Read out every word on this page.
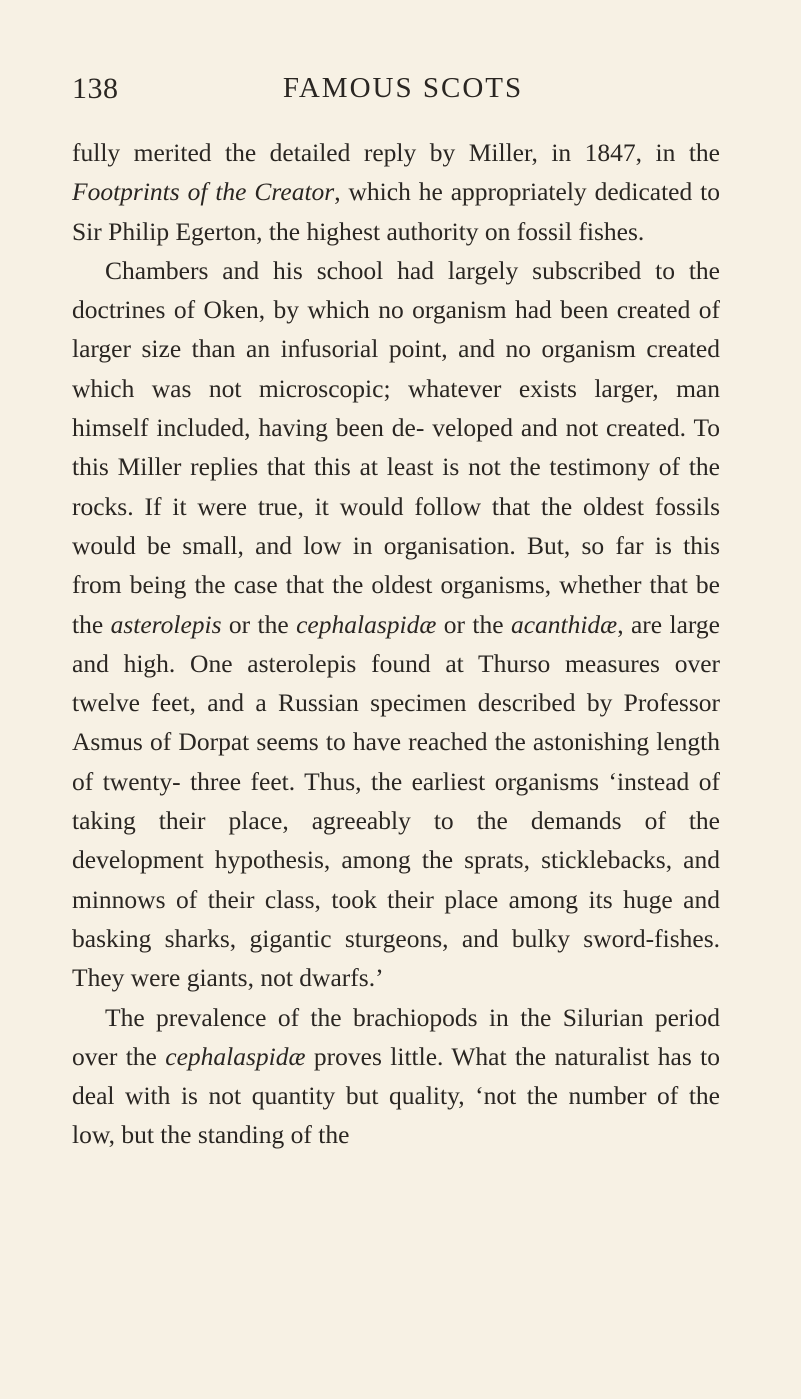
138	FAMOUS SCOTS

fully merited the detailed reply by Miller, in 1847, in the Footprints of the Creator, which he appropriately dedicated to Sir Philip Egerton, the highest authority on fossil fishes.

Chambers and his school had largely subscribed to the doctrines of Oken, by which no organism had been created of larger size than an infusorial point, and no organism created which was not microscopic; whatever exists larger, man himself included, having been de- veloped and not created. To this Miller replies that this at least is not the testimony of the rocks. If it were true, it would follow that the oldest fossils would be small, and low in organisation. But, so far is this from being the case that the oldest organisms, whether that be the asterolepis or the cephalaspidæ or the acanthidæ, are large and high. One asterolepis found at Thurso measures over twelve feet, and a Russian specimen described by Professor Asmus of Dorpat seems to have reached the astonishing length of twenty- three feet. Thus, the earliest organisms ‘instead of taking their place, agreeably to the demands of the development hypothesis, among the sprats, sticklebacks, and minnows of their class, took their place among its huge and basking sharks, gigantic sturgeons, and bulky sword-fishes. They were giants, not dwarfs.’

The prevalence of the brachiopods in the Silurian period over the cephalaspidæ proves little. What the naturalist has to deal with is not quantity but quality, ‘not the number of the low, but the standing of the
